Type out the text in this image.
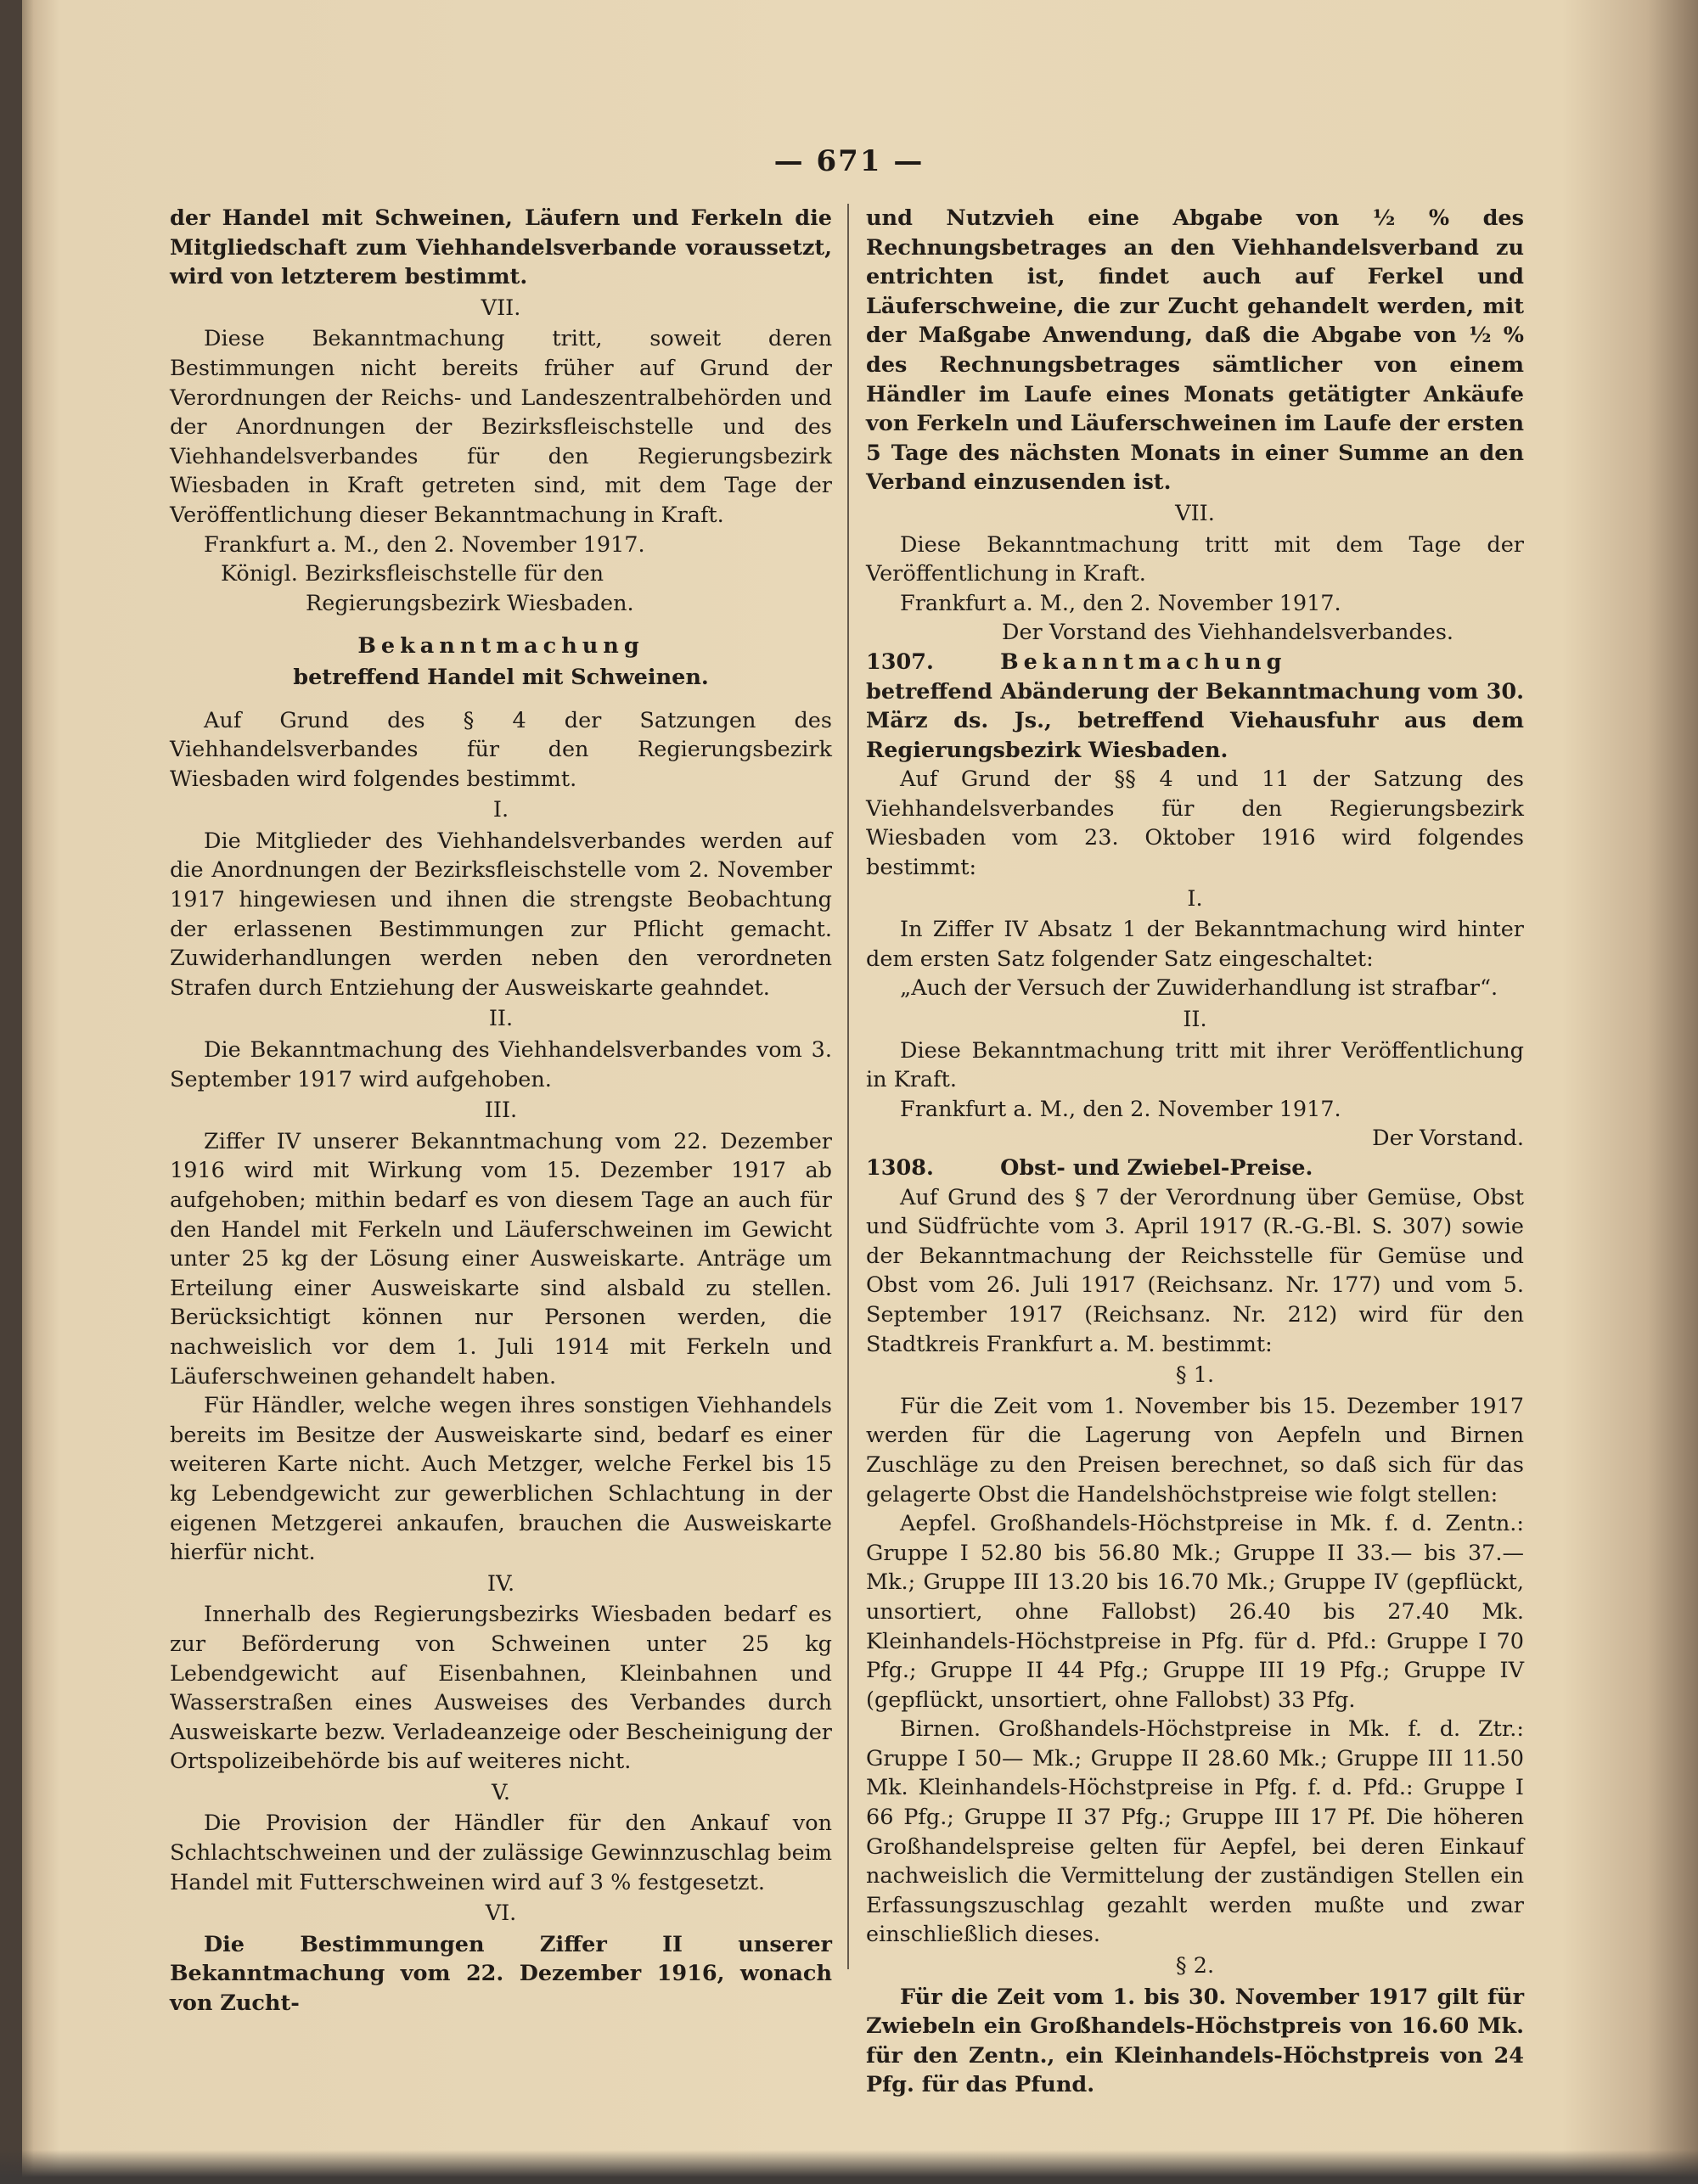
— 671 —

der Handel mit Schweinen, Läufern und Ferkeln die Mitgliedschaft zum Viehhandelsverbande voraussetzt, wird von letzterem bestimmt.

VII.

Diese Bekanntmachung tritt, soweit deren Bestimmungen nicht bereits früher auf Grund der Verordnungen der Reichs- und Landeszentralbehörden und der Anordnungen der Bezirksfleischstelle und des Viehhandelsverbandes für den Regierungsbezirk Wiesbaden in Kraft getreten sind, mit dem Tage der Veröffentlichung dieser Bekanntmachung in Kraft.

Frankfurt a. M., den 2. November 1917.

Königl. Bezirksfleischstelle für den

Regierungsbezirk Wiesbaden.

Bekanntmachung

betreffend Handel mit Schweinen.

Auf Grund des § 4 der Satzungen des Viehhandelsverbandes für den Regierungsbezirk Wiesbaden wird folgendes bestimmt.

I.

Die Mitglieder des Viehhandelsverbandes werden auf die Anordnungen der Bezirksfleischstelle vom 2. November 1917 hingewiesen und ihnen die strengste Beobachtung der erlassenen Bestimmungen zur Pflicht gemacht. Zuwiderhandlungen werden neben den verordneten Strafen durch Entziehung der Ausweiskarte geahndet.

II.

Die Bekanntmachung des Viehhandelsverbandes vom 3. September 1917 wird aufgehoben.

III.

Ziffer IV unserer Bekanntmachung vom 22. Dezember 1916 wird mit Wirkung vom 15. Dezember 1917 ab aufgehoben; mithin bedarf es von diesem Tage an auch für den Handel mit Ferkeln und Läuferschweinen im Gewicht unter 25 kg der Lösung einer Ausweiskarte. Anträge um Erteilung einer Ausweiskarte sind alsbald zu stellen. Berücksichtigt können nur Personen werden, die nachweislich vor dem 1. Juli 1914 mit Ferkeln und Läuferschweinen gehandelt haben.

Für Händler, welche wegen ihres sonstigen Viehhandels bereits im Besitze der Ausweiskarte sind, bedarf es einer weiteren Karte nicht. Auch Metzger, welche Ferkel bis 15 kg Lebendgewicht zur gewerblichen Schlachtung in der eigenen Metzgerei ankaufen, brauchen die Ausweiskarte hierfür nicht.

IV.

Innerhalb des Regierungsbezirks Wiesbaden bedarf es zur Beförderung von Schweinen unter 25 kg Lebendgewicht auf Eisenbahnen, Kleinbahnen und Wasserstraßen eines Ausweises des Verbandes durch Ausweiskarte bezw. Verladeanzeige oder Bescheinigung der Ortspolizeibehörde bis auf weiteres nicht.

V.

Die Provision der Händler für den Ankauf von Schlachtschweinen und der zulässige Gewinnzuschlag beim Handel mit Futterschweinen wird auf 3 % festgesetzt.

VI.

Die Bestimmungen Ziffer II unserer Bekanntmachung vom 22. Dezember 1916, wonach von Zucht-

und Nutzvieh eine Abgabe von ½ % des Rechnungsbetrages an den Viehhandelsverband zu entrichten ist, findet auch auf Ferkel und Läuferschweine, die zur Zucht gehandelt werden, mit der Maßgabe Anwendung, daß die Abgabe von ½ % des Rechnungsbetrages sämtlicher von einem Händler im Laufe eines Monats getätigter Ankäufe von Ferkeln und Läuferschweinen im Laufe der ersten 5 Tage des nächsten Monats in einer Summe an den Verband einzusenden ist.

VII.

Diese Bekanntmachung tritt mit dem Tage der Veröffentlichung in Kraft.

Frankfurt a. M., den 2. November 1917.

Der Vorstand des Viehhandelsverbandes.

1307.	Bekanntmachung

betreffend Abänderung der Bekanntmachung vom 30. März ds. Js., betreffend Viehausfuhr aus dem Regierungsbezirk Wiesbaden.

Auf Grund der §§ 4 und 11 der Satzung des Viehhandelsverbandes für den Regierungsbezirk Wiesbaden vom 23. Oktober 1916 wird folgendes bestimmt:

I.

In Ziffer IV Absatz 1 der Bekanntmachung wird hinter dem ersten Satz folgender Satz eingeschaltet:

„Auch der Versuch der Zuwiderhandlung ist strafbar“.

II.

Diese Bekanntmachung tritt mit ihrer Veröffentlichung in Kraft.

Frankfurt a. M., den 2. November 1917.

Der Vorstand.

1308.	Obst- und Zwiebel-Preise.

Auf Grund des § 7 der Verordnung über Gemüse, Obst und Südfrüchte vom 3. April 1917 (R.-G.-Bl. S. 307) sowie der Bekanntmachung der Reichsstelle für Gemüse und Obst vom 26. Juli 1917 (Reichsanz. Nr. 177) und vom 5. September 1917 (Reichsanz. Nr. 212) wird für den Stadtkreis Frankfurt a. M. bestimmt:

§ 1.

Für die Zeit vom 1. November bis 15. Dezember 1917 werden für die Lagerung von Aepfeln und Birnen Zuschläge zu den Preisen berechnet, so daß sich für das gelagerte Obst die Handelshöchstpreise wie folgt stellen:

Aepfel. Großhandels-Höchstpreise in Mk. f. d. Zentn.: Gruppe I 52.80 bis 56.80 Mk.; Gruppe II 33.— bis 37.— Mk.; Gruppe III 13.20 bis 16.70 Mk.; Gruppe IV (gepflückt, unsortiert, ohne Fallobst) 26.40 bis 27.40 Mk. Kleinhandels-Höchstpreise in Pfg. für d. Pfd.: Gruppe I 70 Pfg.; Gruppe II 44 Pfg.; Gruppe III 19 Pfg.; Gruppe IV (gepflückt, unsortiert, ohne Fallobst) 33 Pfg.

Birnen. Großhandels-Höchstpreise in Mk. f. d. Ztr.: Gruppe I 50— Mk.; Gruppe II 28.60 Mk.; Gruppe III 11.50 Mk. Kleinhandels-Höchstpreise in Pfg. f. d. Pfd.: Gruppe I 66 Pfg.; Gruppe II 37 Pfg.; Gruppe III 17 Pf. Die höheren Großhandelspreise gelten für Aepfel, bei deren Einkauf nachweislich die Vermittelung der zuständigen Stellen ein Erfassungszuschlag gezahlt werden mußte und zwar einschließlich dieses.

§ 2.

Für die Zeit vom 1. bis 30. November 1917 gilt für Zwiebeln ein Großhandels-Höchstpreis von 16.60 Mk. für den Zentn., ein Kleinhandels-Höchstpreis von 24 Pfg. für das Pfund.
